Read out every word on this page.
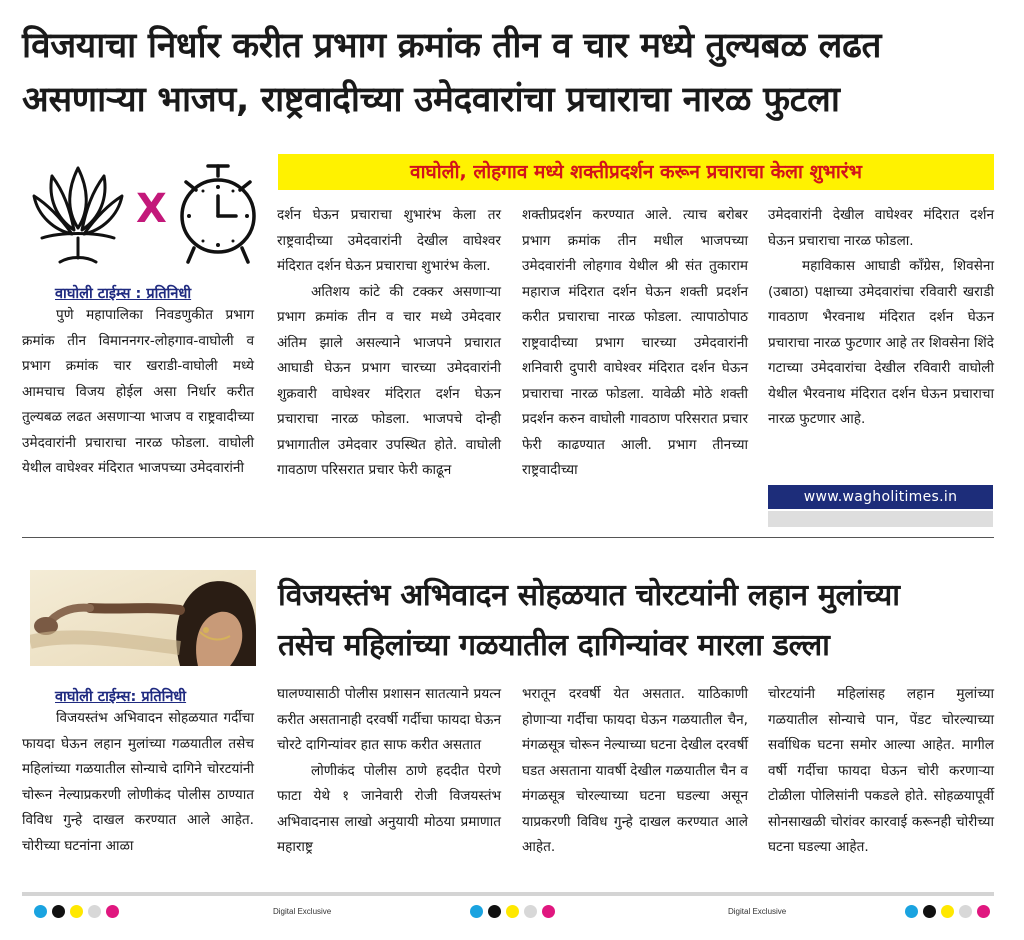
विजयाचा निर्धार करीत प्रभाग क्रमांक तीन व चार मध्ये तुल्यबळ लढत
असणाऱ्या भाजप, राष्ट्रवादीच्या उमेदवारांचा प्रचाराचा नारळ फुटला
X
वाघोली, लोहगाव मध्ये शक्तीप्रदर्शन करून प्रचाराचा केला शुभारंभ
वाघोली टाईम्स : प्रतिनिधी

पुणे महापालिका निवडणुकीत प्रभाग क्रमांक तीन विमाननगर-लोहगाव-वाघोली व प्रभाग क्रमांक चार खराडी-वाघोली मध्ये आमचाच विजय होईल असा निर्धार करीत तुल्यबळ लढत असणाऱ्या भाजप व राष्ट्रवादीच्या उमेदवारांनी प्रचाराचा नारळ फोडला. वाघोली येथील वाघेश्वर मंदिरात भाजपच्या उमेदवारांनी

दर्शन घेऊन प्रचाराचा शुभारंभ केला तर राष्ट्रवादीच्या उमेदवारांनी देखील वाघेश्वर मंदिरात दर्शन घेऊन प्रचाराचा शुभारंभ केला.

अतिशय कांटे की टक्कर असणाऱ्या प्रभाग क्रमांक तीन व चार मध्ये उमेदवार अंतिम झाले असल्याने भाजपने प्रचारात आघाडी घेऊन प्रभाग चारच्या उमेदवारांनी शुक्रवारी वाघेश्वर मंदिरात दर्शन घेऊन प्रचाराचा नारळ फोडला. भाजपचे दोन्ही प्रभागातील उमेदवार उपस्थित होते. वाघोली गावठाण परिसरात प्रचार फेरी काढून

शक्तीप्रदर्शन करण्यात आले. त्याच बरोबर प्रभाग क्रमांक तीन मधील भाजपच्या उमेदवारांनी लोहगाव येथील श्री संत तुकाराम महाराज मंदिरात दर्शन घेऊन शक्ती प्रदर्शन करीत प्रचाराचा नारळ फोडला. त्यापाठोपाठ राष्ट्रवादीच्या प्रभाग चारच्या उमेदवारांनी शनिवारी दुपारी वाघेश्वर मंदिरात दर्शन घेऊन प्रचाराचा नारळ फोडला. यावेळी मोठे शक्ती प्रदर्शन करुन वाघोली गावठाण परिसरात प्रचार फेरी काढण्यात आली. प्रभाग तीनच्या राष्ट्रवादीच्या

उमेदवारांनी देखील वाघेश्वर मंदिरात दर्शन घेऊन प्रचाराचा नारळ फोडला.

महाविकास आघाडी काँग्रेस, शिवसेना (उबाठा) पक्षाच्या उमेदवारांचा रविवारी खराडी गावठाण भैरवनाथ मंदिरात दर्शन घेऊन प्रचाराचा नारळ फुटणार आहे तर शिवसेना शिंदे गटाच्या उमेदवारांचा देखील रविवारी वाघोली येथील भैरवनाथ मंदिरात दर्शन घेऊन प्रचाराचा नारळ फुटणार आहे.

www.wagholitimes.in
विजयस्तंभ अभिवादन सोहळयात चोरटयांनी लहान मुलांच्या
तसेच महिलांच्या गळयातील दागिन्यांवर मारला डल्ला
वाघोली टाईम्स: प्रतिनिधी

विजयस्तंभ अभिवादन सोहळयात गर्दीचा फायदा घेऊन लहान मुलांच्या गळयातील तसेच महिलांच्या गळयातील सोन्याचे दागिने चोरटयांनी चोरून नेल्याप्रकरणी लोणीकंद पोलीस ठाण्यात विविध गुन्हे दाखल करण्यात आले आहेत. चोरीच्या घटनांना आळा

घालण्यासाठी पोलीस प्रशासन सातत्याने प्रयत्न करीत असतानाही दरवर्षी गर्दीचा फायदा घेऊन चोरटे दागिन्यांवर हात साफ करीत असतात

लोणीकंद पोलीस ठाणे हददीत पेरणे फाटा येथे १ जानेवारी रोजी विजयस्तंभ अभिवादनास लाखो अनुयायी मोठया प्रमाणात महाराष्ट्र

भरातून दरवर्षी येत असतात. याठिकाणी होणाऱ्या गर्दीचा फायदा घेऊन गळयातील चैन, मंगळसूत्र चोरून नेल्याच्या घटना देखील दरवर्षी घडत असताना यावर्षी देखील गळयातील चैन व मंगळसूत्र चोरल्याच्या घटना घडल्या असून याप्रकरणी विविध गुन्हे दाखल करण्यात आले आहेत.

चोरटयांनी महिलांसह लहान मुलांच्या गळयातील सोन्याचे पान, पेंडट चोरल्याच्या सर्वाधिक घटना समोर आल्या आहेत. मागील वर्षी गर्दीचा फायदा घेऊन चोरी करणाऱ्या टोळीला पोलिसांनी पकडले होते. सोहळयापूर्वी सोनसाखळी चोरांवर कारवाई करूनही चोरीच्या घटना घडल्या आहेत.

Digital Exclusive	Digital Exclusive
